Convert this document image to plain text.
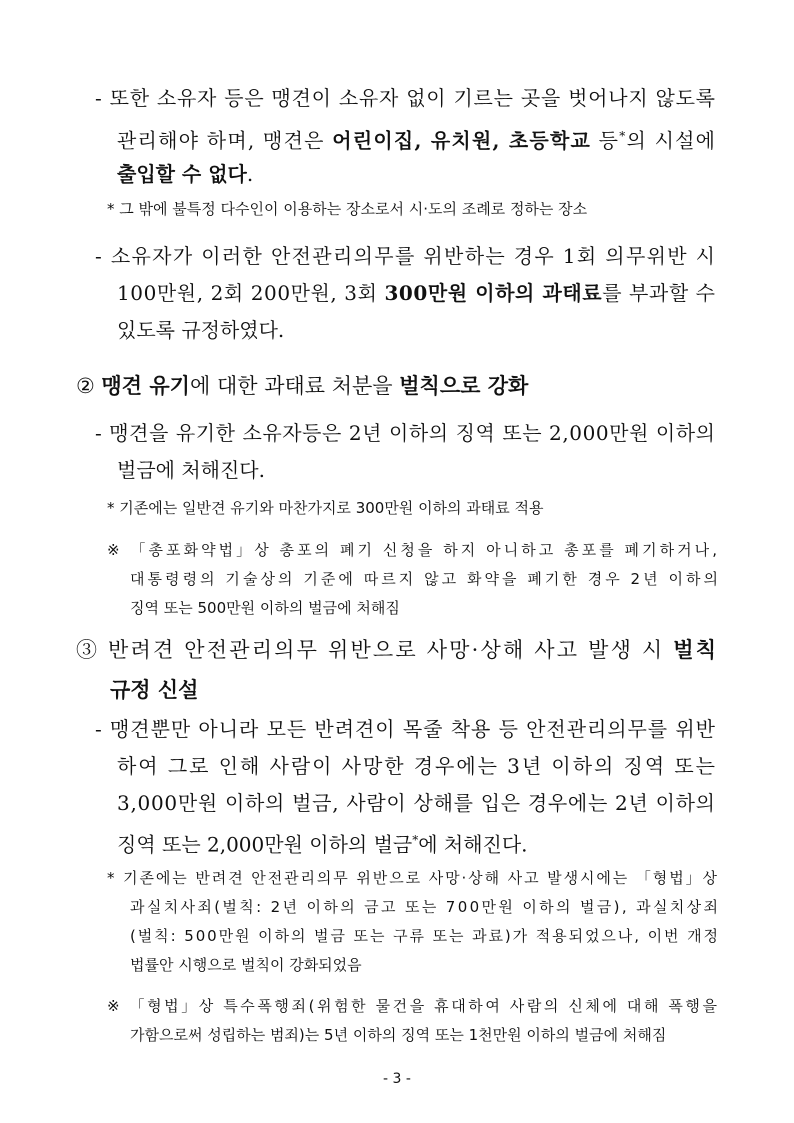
- 또한 소유자 등은 맹견이 소유자 없이 기르는 곳을 벗어나지 않도록
관리해야 하며, 맹견은 어린이집, 유치원, 초등학교 등*의 시설에
출입할 수 없다.
* 그 밖에 불특정 다수인이 이용하는 장소로서 시·도의 조례로 정하는 장소
- 소유자가 이러한 안전관리의무를 위반하는 경우 1회 의무위반 시
100만원, 2회 200만원, 3회 300만원 이하의 과태료를 부과할 수
있도록 규정하였다.
② 맹견 유기에 대한 과태료 처분을 벌칙으로 강화
- 맹견을 유기한 소유자등은 2년 이하의 징역 또는 2,000만원 이하의
벌금에 처해진다.
* 기존에는 일반견 유기와 마찬가지로 300만원 이하의 과태료 적용
※ 「총포화약법」상 총포의 폐기 신청을 하지 아니하고 총포를 폐기하거나,
대통령령의 기술상의 기준에 따르지 않고 화약을 폐기한 경우 2년 이하의
징역 또는 500만원 이하의 벌금에 처해짐
③ 반려견 안전관리의무 위반으로 사망·상해 사고 발생 시 벌칙
규정 신설
- 맹견뿐만 아니라 모든 반려견이 목줄 착용 등 안전관리의무를 위반
하여 그로 인해 사람이 사망한 경우에는 3년 이하의 징역 또는
3,000만원 이하의 벌금, 사람이 상해를 입은 경우에는 2년 이하의
징역 또는 2,000만원 이하의 벌금*에 처해진다.
* 기존에는 반려견 안전관리의무 위반으로 사망·상해 사고 발생시에는 「형법」상
과실치사죄(벌칙: 2년 이하의 금고 또는 700만원 이하의 벌금), 과실치상죄
(벌칙: 500만원 이하의 벌금 또는 구류 또는 과료)가 적용되었으나, 이번 개정
법률안 시행으로 벌칙이 강화되었음
※ 「형법」상 특수폭행죄(위험한 물건을 휴대하여 사람의 신체에 대해 폭행을
가함으로써 성립하는 범죄)는 5년 이하의 징역 또는 1천만원 이하의 벌금에 처해짐
- 3 -
